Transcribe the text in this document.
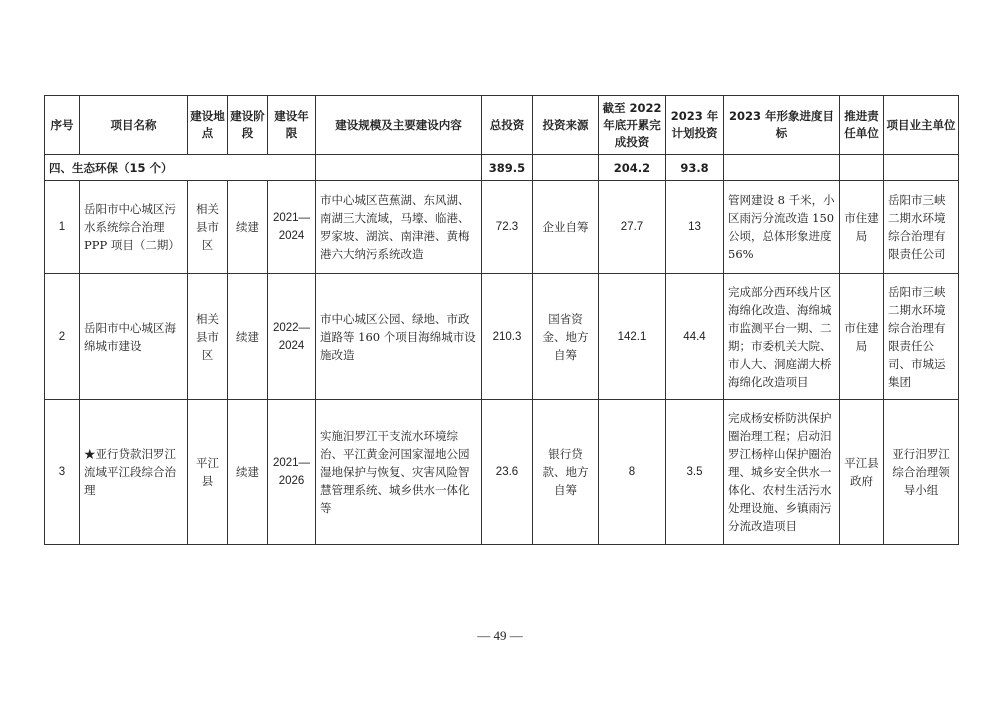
序号	项目名称	建设地点	建设阶段	建设年限	建设规模及主要建设内容	总投资	投资来源	截至 2022 年底开累完成投资	2023 年计划投资	2023 年形象进度目标	推进责任单位	项目业主单位
四、生态环保（15 个）						389.5		204.2	93.8			
1	岳阳市中心城区污水系统综合治理 PPP 项目（二期）	相关县市区	续建	2021—2024	市中心城区芭蕉湖、东风湖、南湖三大流域，马壕、临港、罗家坡、湖滨、南津港、黄梅港六大纳污系统改造	72.3	企业自筹	27.7	13	管网建设 8 千米，小区雨污分流改造 150 公顷，总体形象进度 56%	市住建局	岳阳市三峡二期水环境综合治理有限责任公司
2	岳阳市中心城区海绵城市建设	相关县市区	续建	2022—2024	市中心城区公园、绿地、市政道路等 160 个项目海绵城市设施改造	210.3	国省资金、地方自筹	142.1	44.4	完成部分西环线片区海绵化改造、海绵城市监测平台一期、二期；市委机关大院、市人大、洞庭湖大桥海绵化改造项目	市住建局	岳阳市三峡二期水环境综合治理有限责任公司、市城运集团
3	★亚行贷款汨罗江流域平江段综合治理	平江县	续建	2021—2026	实施汨罗江干支流水环境综治、平江黄金河国家湿地公园湿地保护与恢复、灾害风险智慧管理系统、城乡供水一体化等	23.6	银行贷款、地方自筹	8	3.5	完成杨安桥防洪保护圈治理工程；启动汨罗江杨梓山保护圈治理、城乡安全供水一体化、农村生活污水处理设施、乡镇雨污分流改造项目	平江县政府	亚行汨罗江综合治理领导小组
— 49 —
